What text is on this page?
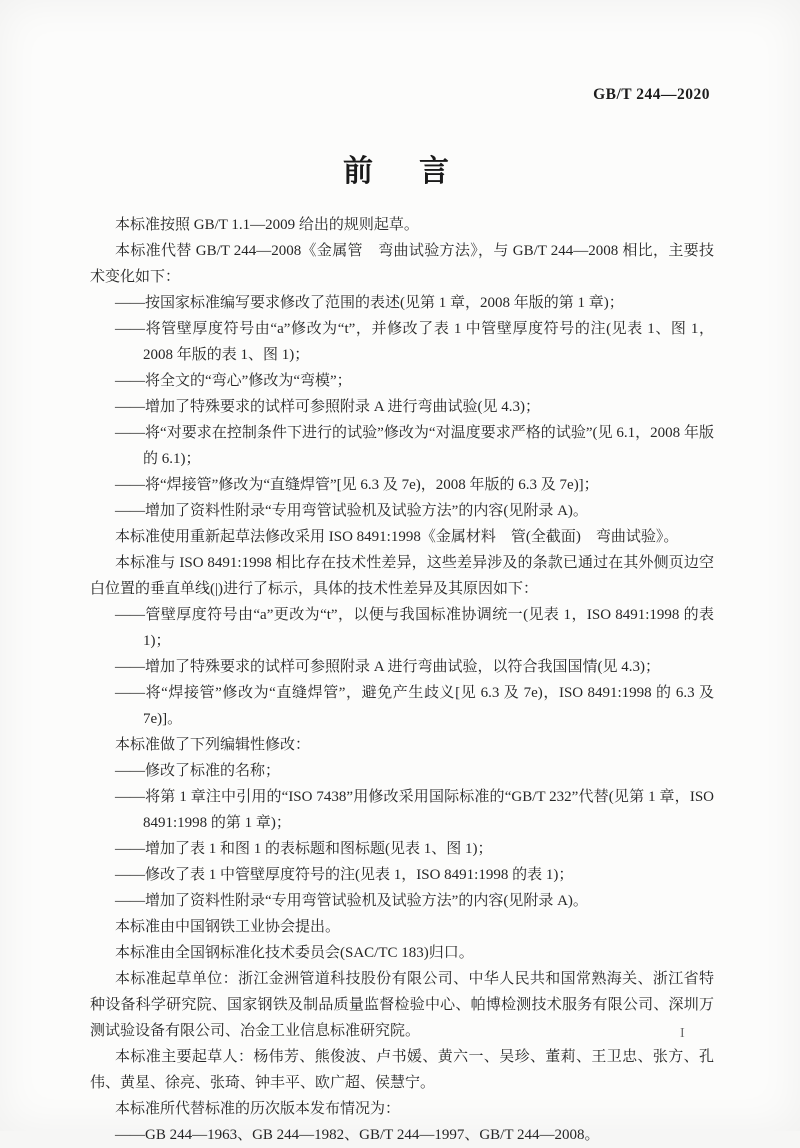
GB/T 244—2020
前　言

本标准按照 GB/T 1.1—2009 给出的规则起草。

本标准代替 GB/T 244—2008《金属管　弯曲试验方法》，与 GB/T 244—2008 相比，主要技术变化如下：

——按国家标准编写要求修改了范围的表述(见第 1 章，2008 年版的第 1 章)；

——将管壁厚度符号由“a”修改为“t”，并修改了表 1 中管壁厚度符号的注(见表 1、图 1，2008 年版的表 1、图 1)；

——将全文的“弯心”修改为“弯模”；

——增加了特殊要求的试样可参照附录 A 进行弯曲试验(见 4.3)；

——将“对要求在控制条件下进行的试验”修改为“对温度要求严格的试验”(见 6.1，2008 年版的 6.1)；

——将“焊接管”修改为“直缝焊管”[见 6.3 及 7e)，2008 年版的 6.3 及 7e)]；

——增加了资料性附录“专用弯管试验机及试验方法”的内容(见附录 A)。

本标准使用重新起草法修改采用 ISO 8491:1998《金属材料　管(全截面)　弯曲试验》。

本标准与 ISO 8491:1998 相比存在技术性差异，这些差异涉及的条款已通过在其外侧页边空白位置的垂直单线(|)进行了标示，具体的技术性差异及其原因如下：

——管壁厚度符号由“a”更改为“t”，以便与我国标准协调统一(见表 1，ISO 8491:1998 的表 1)；

——增加了特殊要求的试样可参照附录 A 进行弯曲试验，以符合我国国情(见 4.3)；

——将“焊接管”修改为“直缝焊管”，避免产生歧义[见 6.3 及 7e)，ISO 8491:1998 的 6.3 及 7e)]。

本标准做了下列编辑性修改：

——修改了标准的名称；

——将第 1 章注中引用的“ISO 7438”用修改采用国际标准的“GB/T 232”代替(见第 1 章，ISO 8491:1998 的第 1 章)；

——增加了表 1 和图 1 的表标题和图标题(见表 1、图 1)；

——修改了表 1 中管壁厚度符号的注(见表 1，ISO 8491:1998 的表 1)；

——增加了资料性附录“专用弯管试验机及试验方法”的内容(见附录 A)。

本标准由中国钢铁工业协会提出。

本标准由全国钢标准化技术委员会(SAC/TC 183)归口。

本标准起草单位：浙江金洲管道科技股份有限公司、中华人民共和国常熟海关、浙江省特种设备科学研究院、国家钢铁及制品质量监督检验中心、帕博检测技术服务有限公司、深圳万测试验设备有限公司、冶金工业信息标准研究院。

本标准主要起草人：杨伟芳、熊俊波、卢书媛、黄六一、吴珍、董莉、王卫忠、张方、孔伟、黄星、徐亮、张琦、钟丰平、欧广超、侯慧宁。

本标准所代替标准的历次版本发布情况为：

——GB 244—1963、GB 244—1982、GB/T 244—1997、GB/T 244—2008。

I
